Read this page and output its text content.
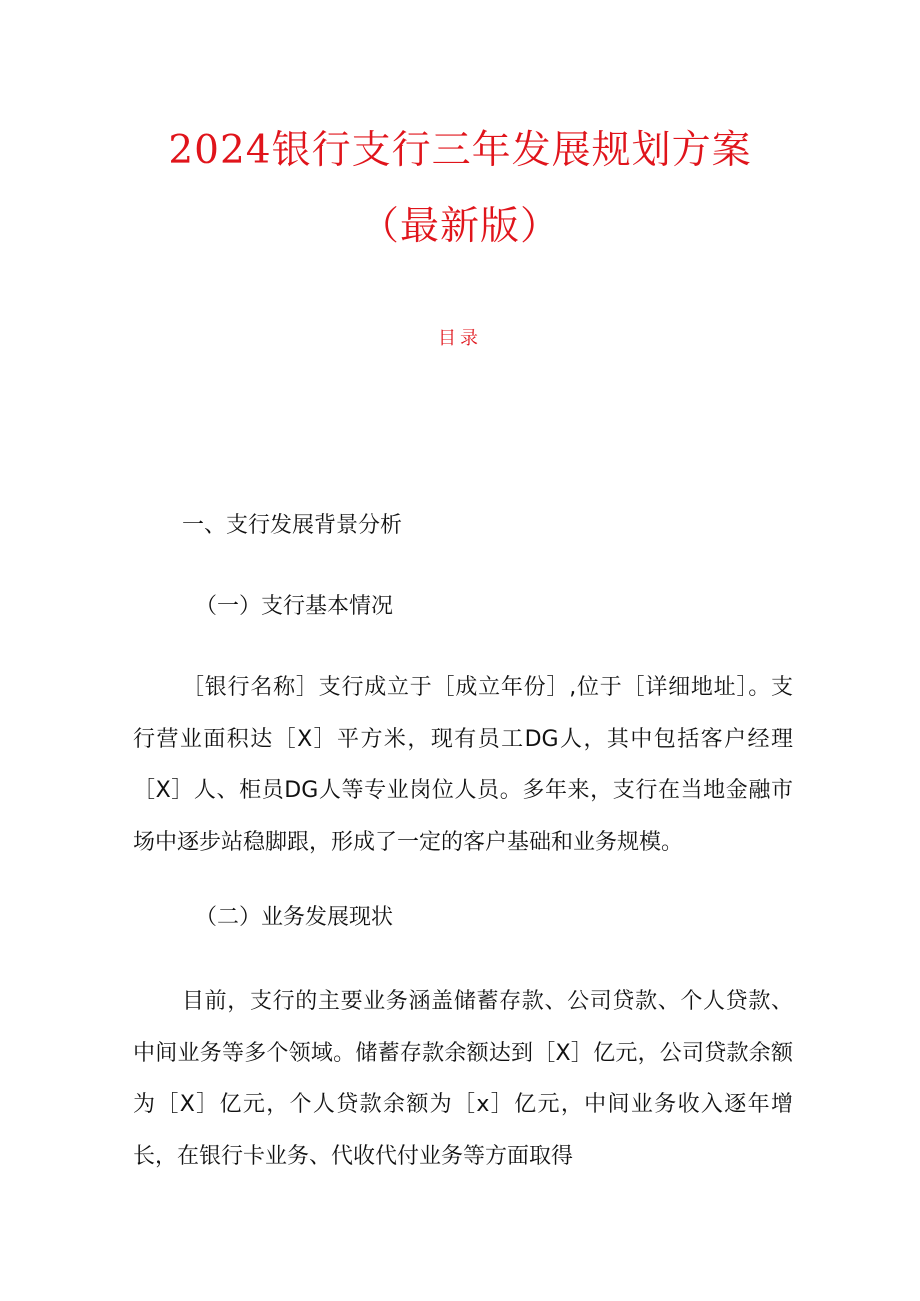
2024银行支行三年发展规划方案
（最新版）
目录
一、支行发展背景分析
（一）支行基本情况

［银行名称］支行成立于［成立年份］,位于［详细地址］。支行营业面积达［X］平方米，现有员工DG人，其中包括客户经理［X］人、柜员DG人等专业岗位人员。多年来，支行在当地金融市场中逐步站稳脚跟，形成了一定的客户基础和业务规模。

（二）业务发展现状

目前，支行的主要业务涵盖储蓄存款、公司贷款、个人贷款、中间业务等多个领域。储蓄存款余额达到［X］亿元，公司贷款余额为［X］亿元，个人贷款余额为［x］亿元，中间业务收入逐年增长，在银行卡业务、代收代付业务等方面取得
